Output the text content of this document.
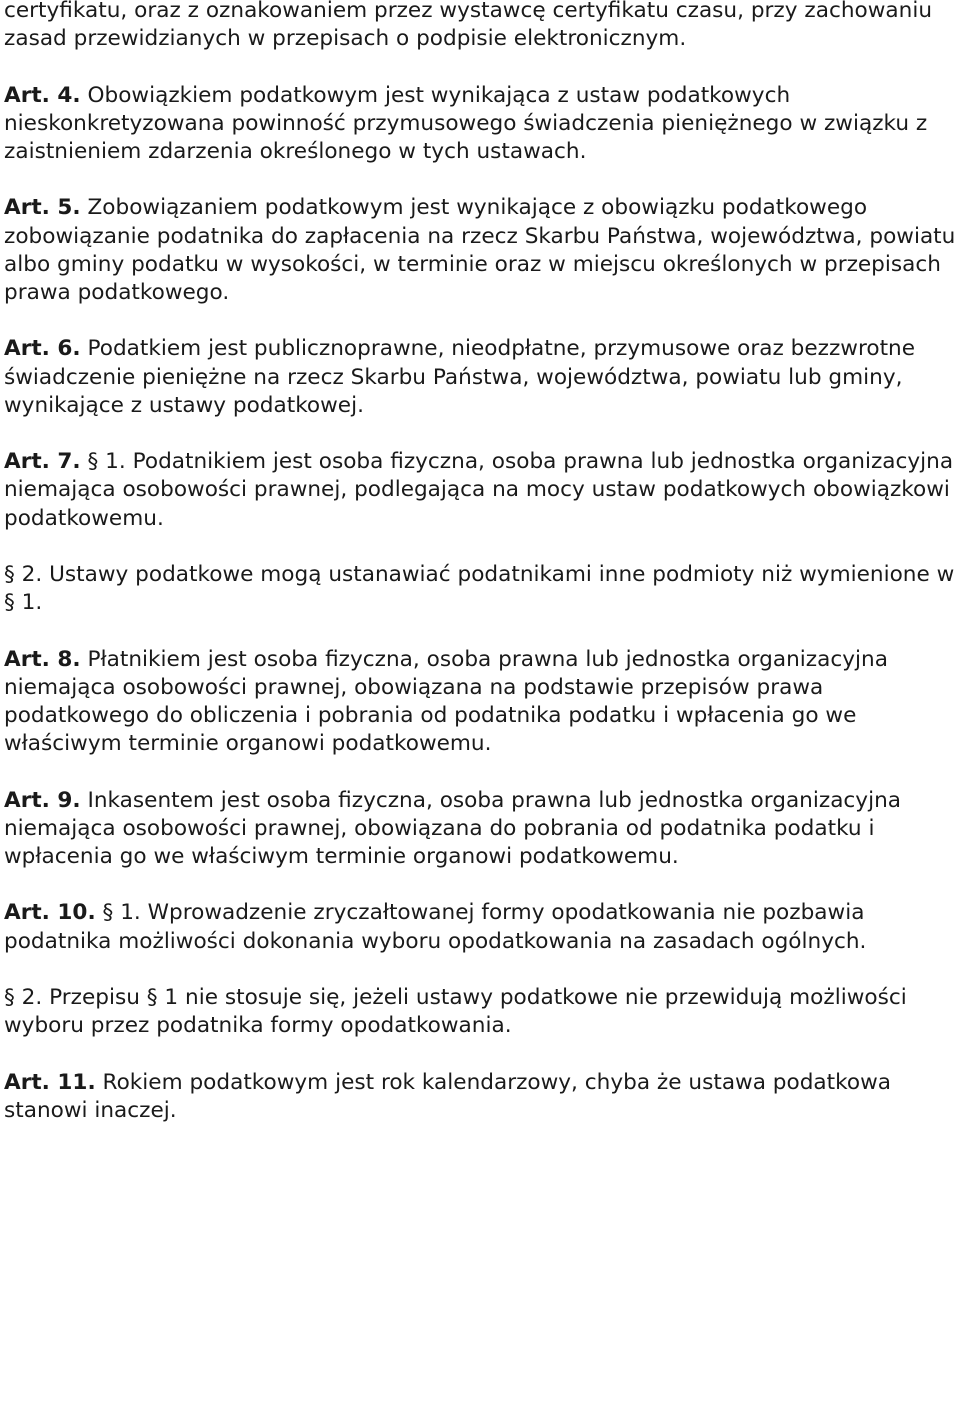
certyfikatu, oraz z oznakowaniem przez wystawcę certyfikatu czasu, przy zachowaniu zasad przewidzianych w przepisach o podpisie elektronicznym.

Art. 4. Obowiązkiem podatkowym jest wynikająca z ustaw podatkowych nieskonkretyzowana powinność przymusowego świadczenia pieniężnego w związku z zaistnieniem zdarzenia określonego w tych ustawach.

Art. 5. Zobowiązaniem podatkowym jest wynikające z obowiązku podatkowego zobowiązanie podatnika do zapłacenia na rzecz Skarbu Państwa, województwa, powiatu albo gminy podatku w wysokości, w terminie oraz w miejscu określonych w przepisach prawa podatkowego.

Art. 6. Podatkiem jest publicznoprawne, nieodpłatne, przymusowe oraz bezzwrotne świadczenie pieniężne na rzecz Skarbu Państwa, województwa, powiatu lub gminy, wynikające z ustawy podatkowej.

Art. 7. § 1. Podatnikiem jest osoba fizyczna, osoba prawna lub jednostka organizacyjna niemająca osobowości prawnej, podlegająca na mocy ustaw podatkowych obowiązkowi podatkowemu.

§ 2. Ustawy podatkowe mogą ustanawiać podatnikami inne podmioty niż wymienione w § 1.

Art. 8. Płatnikiem jest osoba fizyczna, osoba prawna lub jednostka organizacyjna niemająca osobowości prawnej, obowiązana na podstawie przepisów prawa podatkowego do obliczenia i pobrania od podatnika podatku i wpłacenia go we właściwym terminie organowi podatkowemu.

Art. 9. Inkasentem jest osoba fizyczna, osoba prawna lub jednostka organizacyjna niemająca osobowości prawnej, obowiązana do pobrania od podatnika podatku i wpłacenia go we właściwym terminie organowi podatkowemu.

Art. 10. § 1. Wprowadzenie zryczałtowanej formy opodatkowania nie pozbawia podatnika możliwości dokonania wyboru opodatkowania na zasadach ogólnych.

§ 2. Przepisu § 1 nie stosuje się, jeżeli ustawy podatkowe nie przewidują możliwości wyboru przez podatnika formy opodatkowania.

Art. 11. Rokiem podatkowym jest rok kalendarzowy, chyba że ustawa podatkowa stanowi inaczej.
